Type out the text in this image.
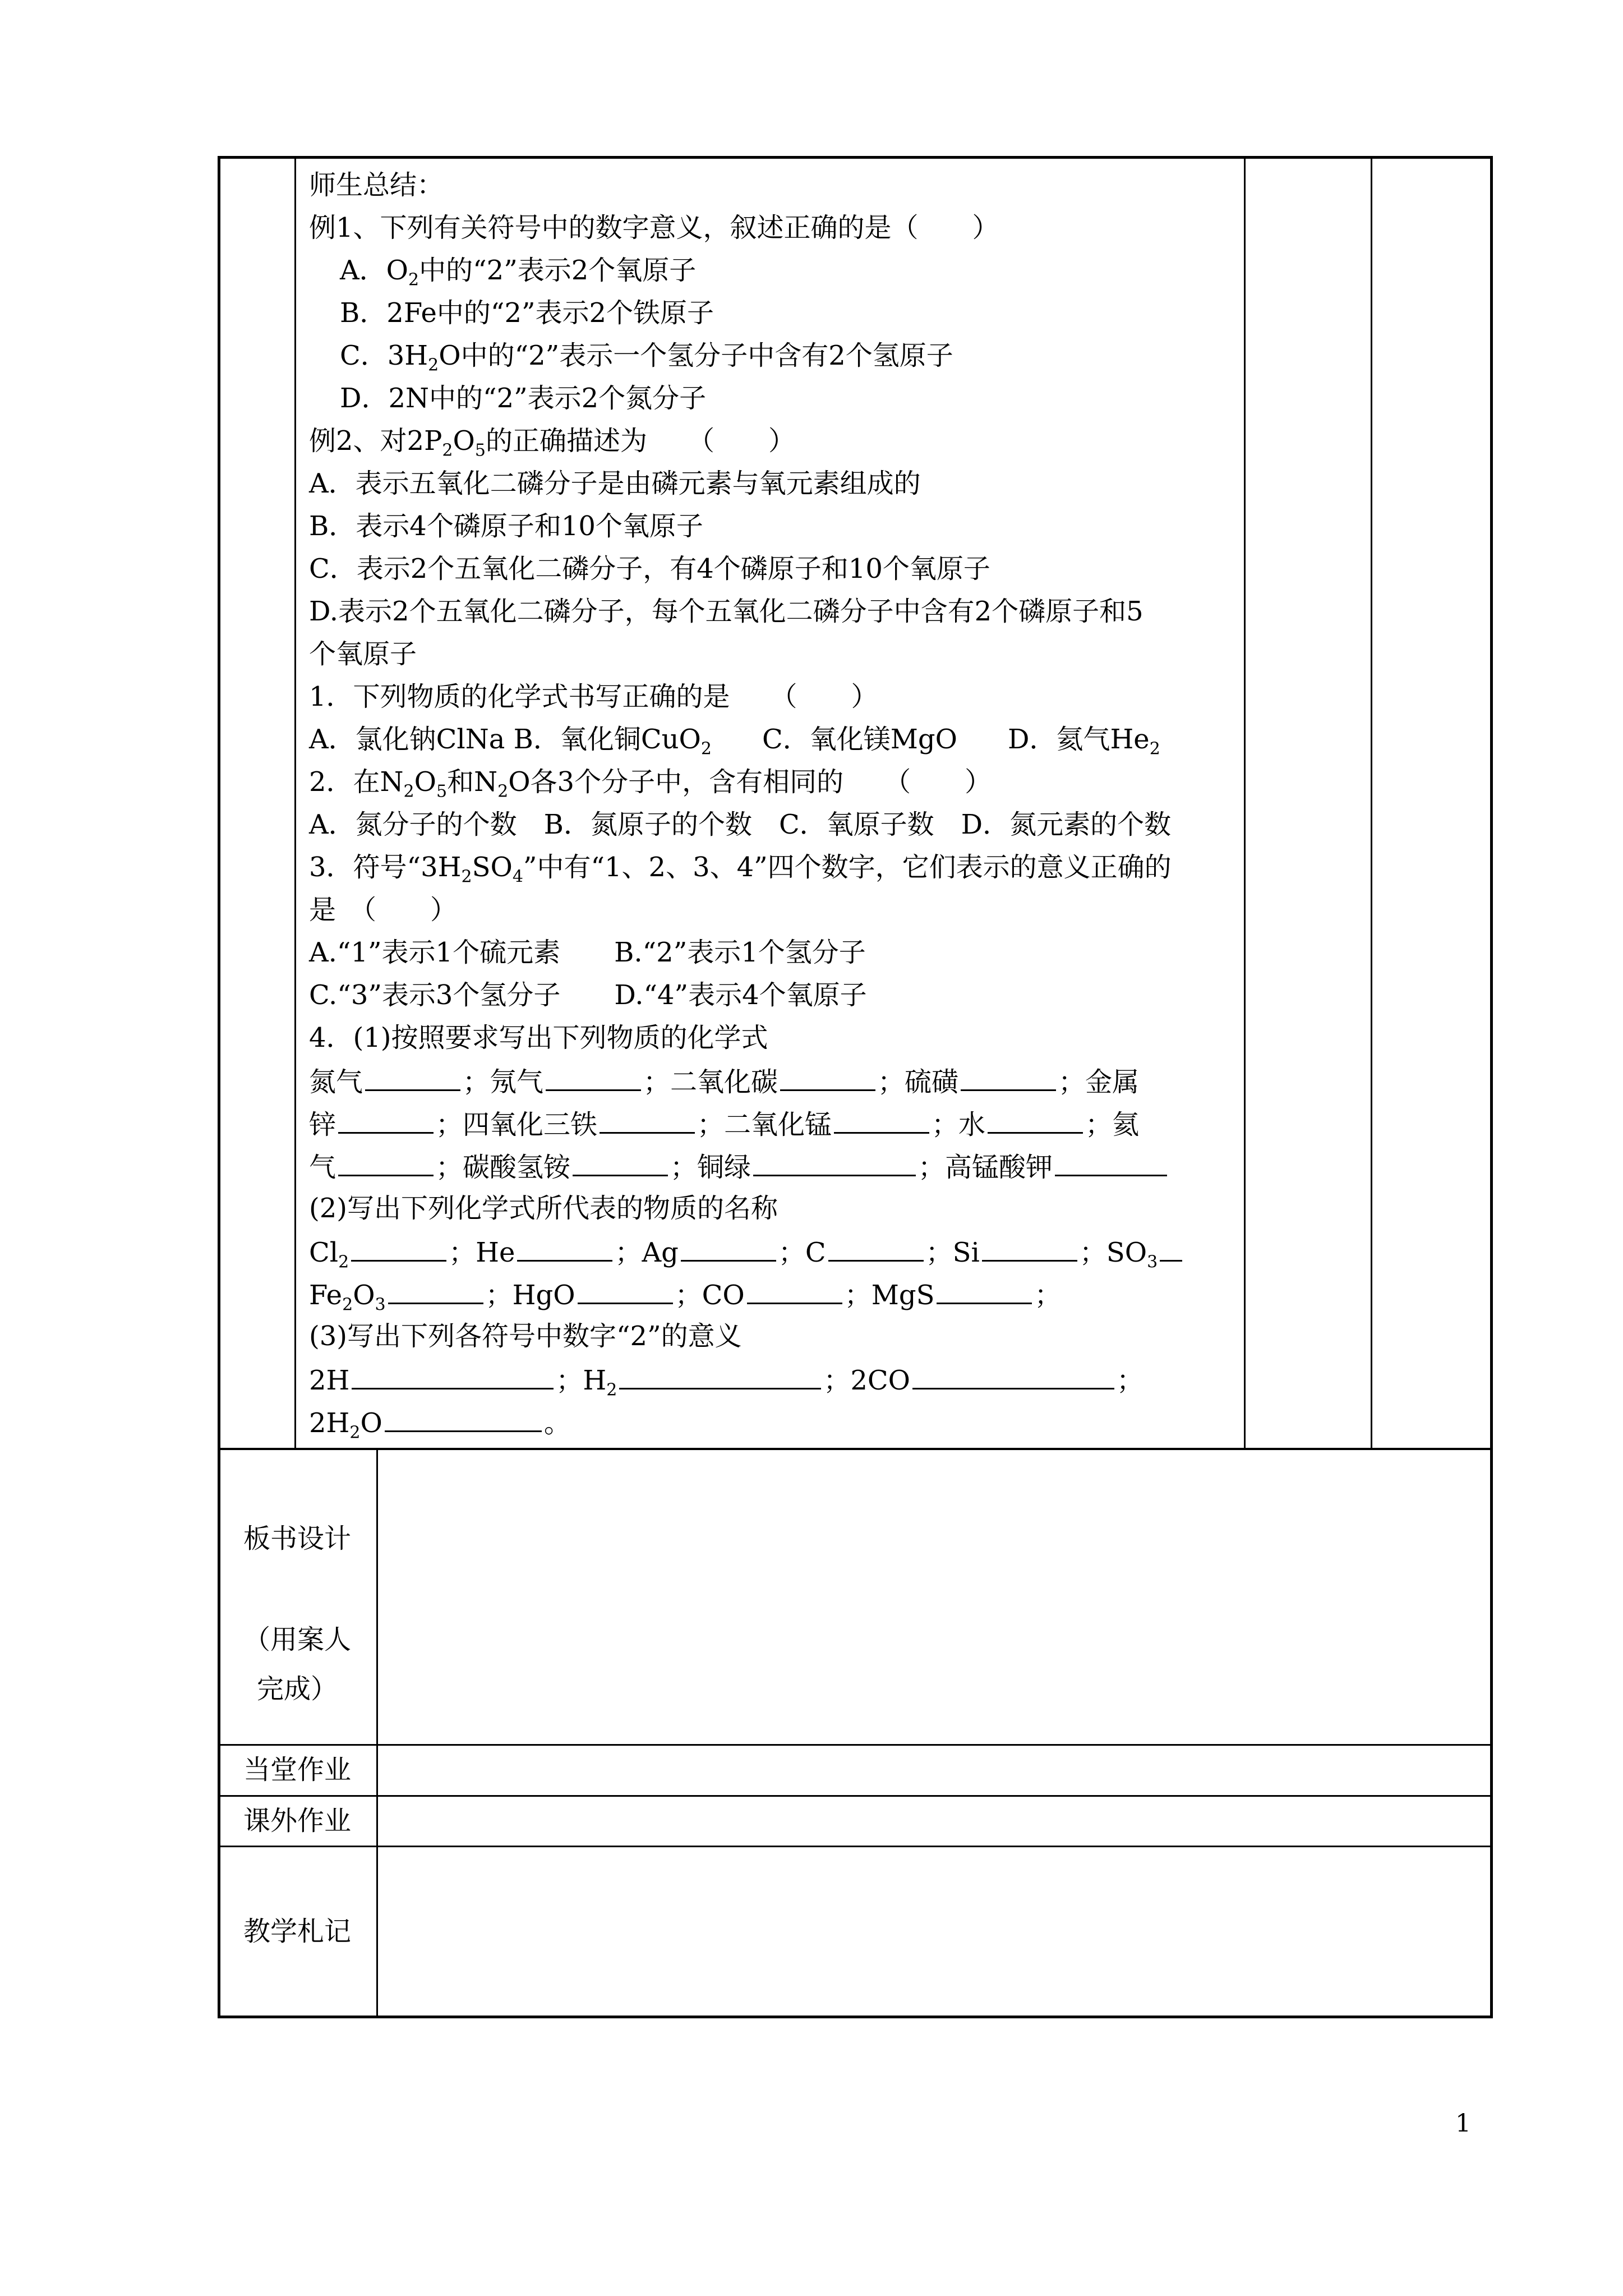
师生总结：
例1、下列有关符号中的数字意义，叙述正确的是（　　）
A．$O_2$中的“2”表示2个氧原子
B．2Fe中的“2”表示2个铁原子
C．$3H_2O$中的“2”表示一个氢分子中含有2个氢原子
D．2N中的“2”表示2个氮分子
例2、对$2P_2O_5$的正确描述为　　（　　）
A．表示五氧化二磷分子是由磷元素与氧元素组成的
B．表示4个磷原子和10个氧原子
C．表示2个五氧化二磷分子，有4个磷原子和10个氧原子
D.表示2个五氧化二磷分子，每个五氧化二磷分子中含有2个磷原子和5
个氧原子
1．下列物质的化学式书写正确的是　　（　　）
A．氯化钠ClNa B．氧化铜CuO$_2$ C．氧化镁MgO D．氦气$He_2$
2．在$N_2O_5$和$N_2O$各3个分子中，含有相同的　　（　　）
A．氮分子的个数　B．氮原子的个数　C．氧原子数　D．氮元素的个数
3．符号“$3H_2SO_4$”中有“1、2、3、4”四个数字，它们表示的意义正确的
是　（　　）
A.“1”表示1个硫元素　　B.“2”表示1个氢分子
C.“3”表示3个氢分子　　D.“4”表示4个氧原子
4．(1)按照要求写出下列物质的化学式
氮气	；氖气	；二氧化碳	；硫磺	；金属
锌	；四氧化三铁	；二氧化锰	；水	；氦
气	；碳酸氢铵	；铜绿	；高锰酸钾
(2)写出下列化学式所代表的物质的名称
$Cl_2$	；He	；Ag	；C	；Si	；$SO_3$
$Fe_2O_3$	；HgO	；CO	；MgS	；
(3)写出下列各符号中数字“2”的意义
2H	；$H_2$	；2CO	；
$2H_2O$	。
板书设计
（用案人
完成）
当堂作业
课外作业
教学札记
1
